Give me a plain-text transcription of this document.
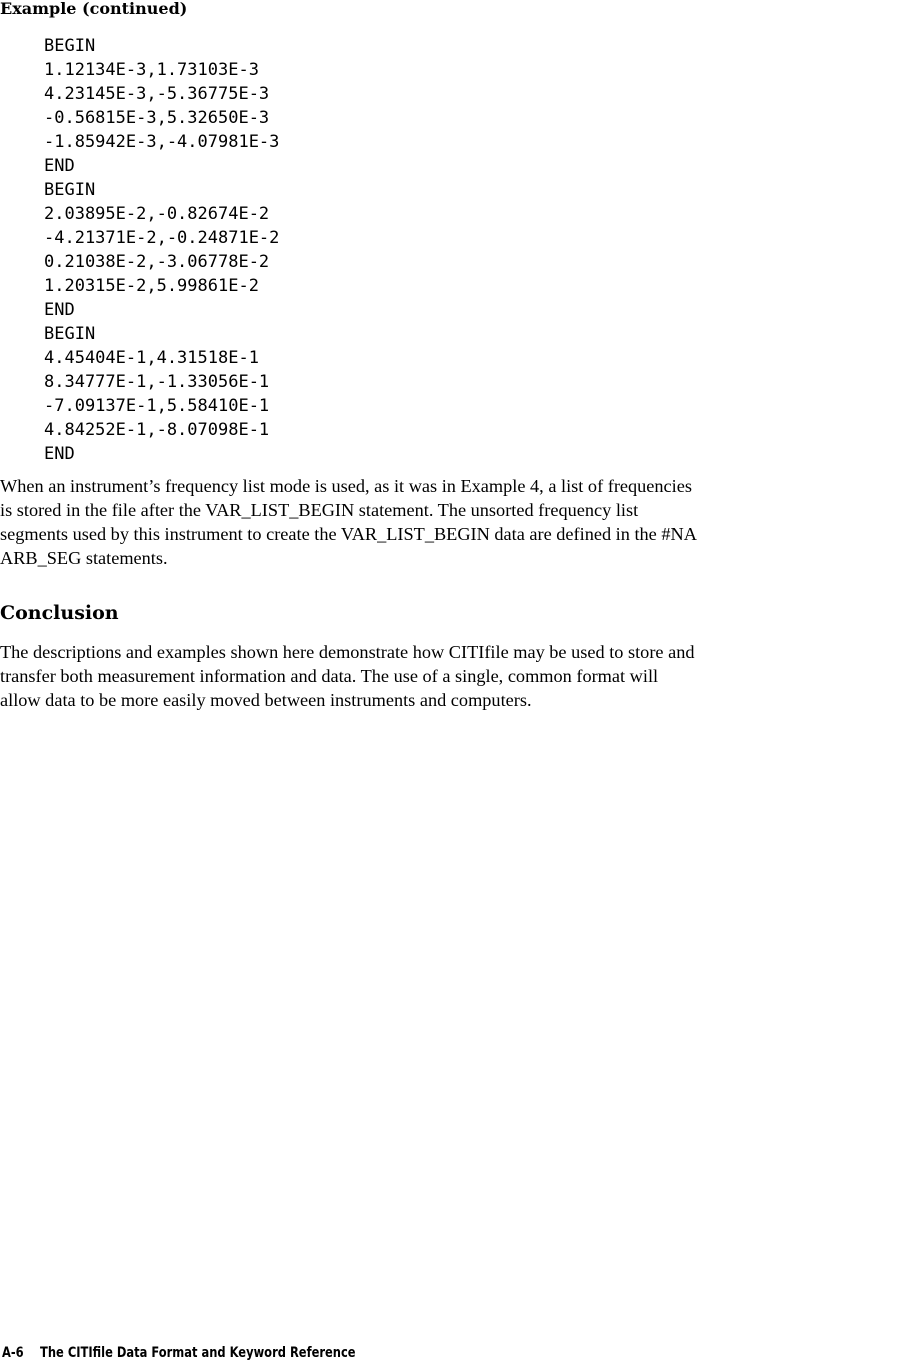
Example (continued)
BEGIN
1.12134E-3,1.73103E-3
4.23145E-3,-5.36775E-3
-0.56815E-3,5.32650E-3
-1.85942E-3,-4.07981E-3
END
BEGIN
2.03895E-2,-0.82674E-2
-4.21371E-2,-0.24871E-2
0.21038E-2,-3.06778E-2
1.20315E-2,5.99861E-2
END
BEGIN
4.45404E-1,4.31518E-1
8.34777E-1,-1.33056E-1
-7.09137E-1,5.58410E-1
4.84252E-1,-8.07098E-1
END
When an instrument’s frequency list mode is used, as it was in Example 4, a list of frequencies
is stored in the file after the VAR_LIST_BEGIN statement. The unsorted frequency list
segments used by this instrument to create the VAR_LIST_BEGIN data are defined in the #NA
ARB_SEG statements.
Conclusion
The descriptions and examples shown here demonstrate how CITIfile may be used to store and
transfer both measurement information and data. The use of a single, common format will
allow data to be more easily moved between instruments and computers.
A-6 The CITIfile Data Format and Keyword Reference
